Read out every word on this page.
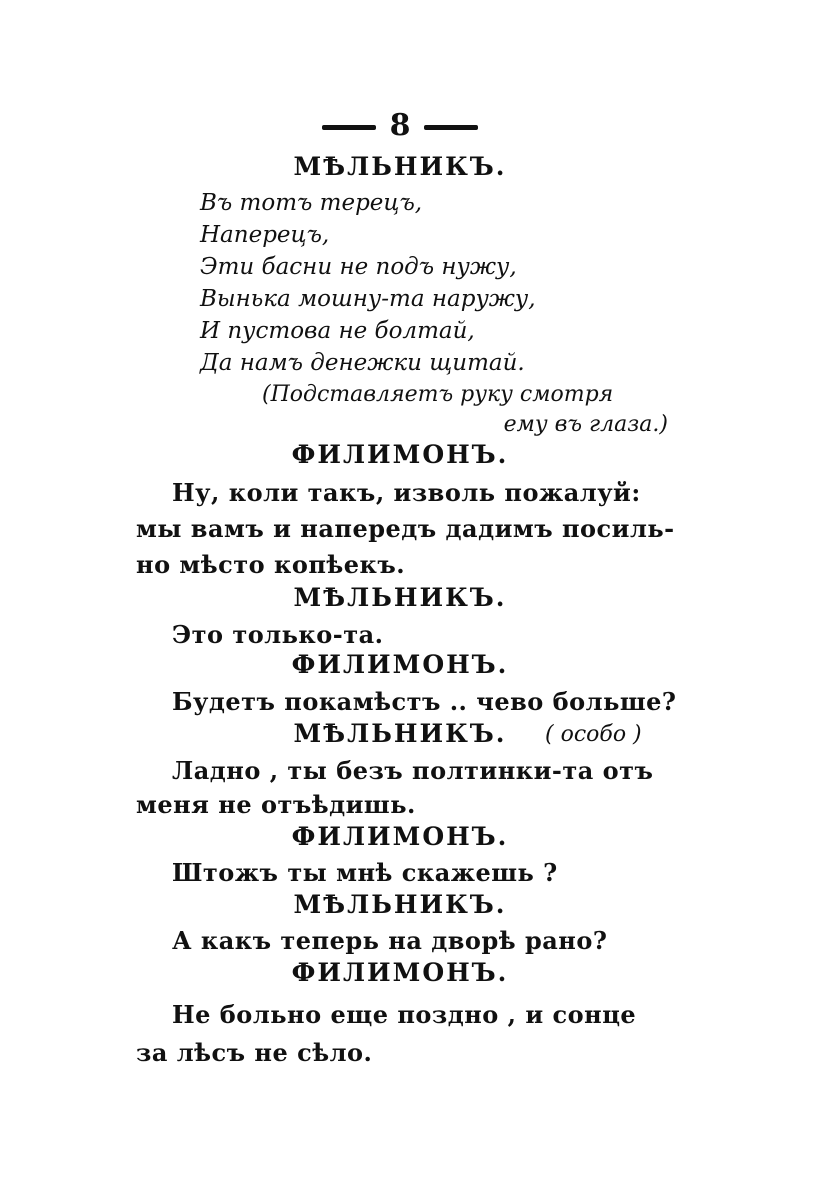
8
МѢЛЬНИКЪ.
Въ тотъ терецъ,
Наперецъ,
Эти басни не подъ нужу,
Вынька мошну-та наружу,
И пустова не болтай,
Да намъ денежки щитай.
(Подставляетъ руку смотря
ему въ глаза.)
ФИЛИМОНЪ.
Ну, коли такъ, изволь пожалуй:
мы вамъ и напередъ дадимъ посиль-
но мѣсто копѣекъ.
МѢЛЬНИКЪ.
Это только-та.
ФИЛИМОНЪ.
Будетъ покамѣстъ .. чево больше?
МѢЛЬНИКЪ.	( особо )
Ладно , ты безъ полтинки-та отъ
меня не отъѣдишь.
ФИЛИМОНЪ.
Штожъ ты мнѣ скажешь ?
МѢЛЬНИКЪ.
А какъ теперь на дворѣ рано?
ФИЛИМОНЪ.
Не больно еще поздно , и сонце
за лѣсъ не сѣло.
